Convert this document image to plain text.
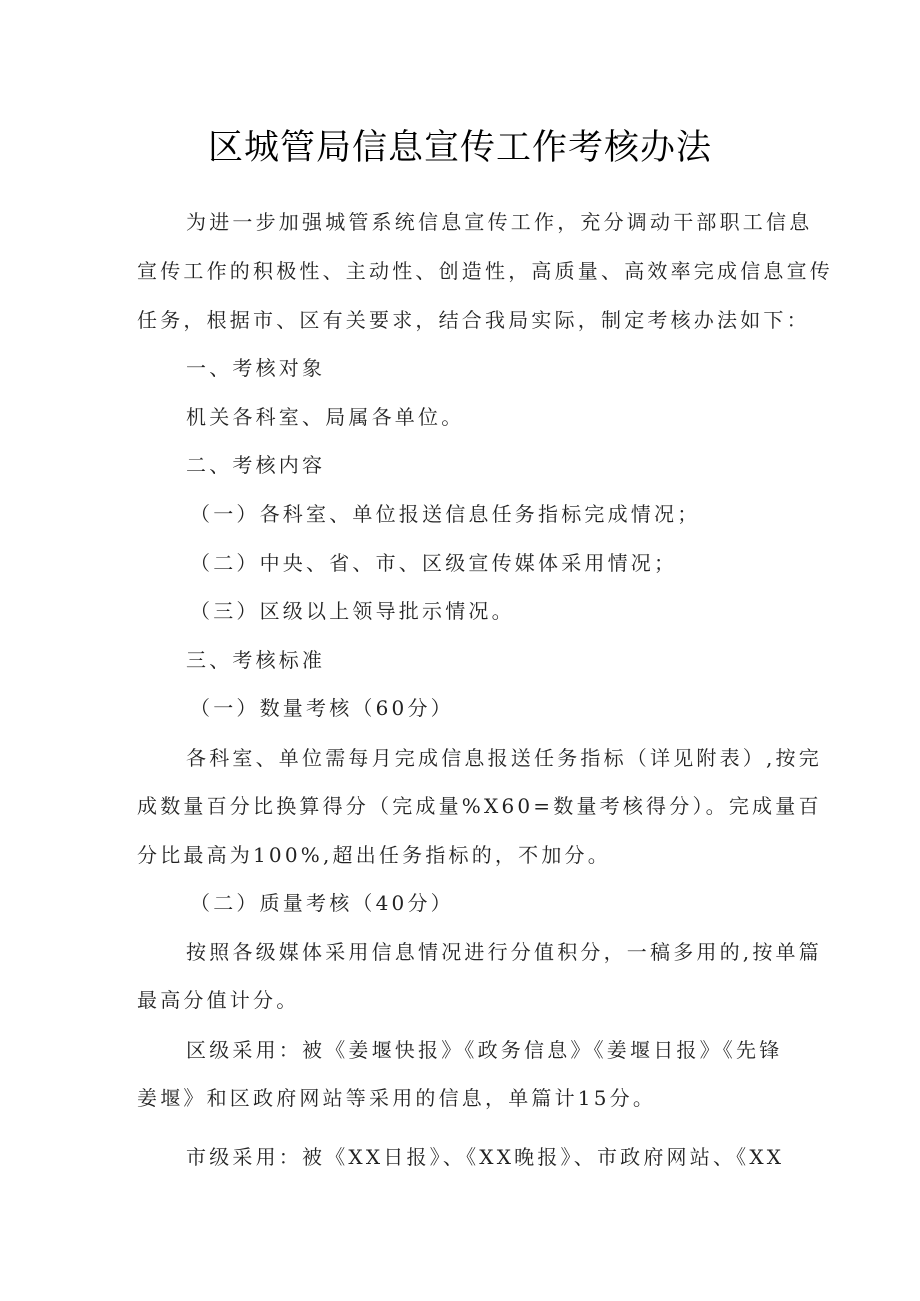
区城管局信息宣传工作考核办法
为进一步加强城管系统信息宣传工作，充分调动干部职工信息
宣传工作的积极性、主动性、创造性，高质量、高效率完成信息宣传
任务，根据市、区有关要求，结合我局实际，制定考核办法如下：
一、考核对象
机关各科室、局属各单位。
二、考核内容
（一）各科室、单位报送信息任务指标完成情况；
（二）中央、省、市、区级宣传媒体采用情况；
（三）区级以上领导批示情况。
三、考核标准
（一）数量考核（60分）
各科室、单位需每月完成信息报送任务指标（详见附表）,按完
成数量百分比换算得分（完成量%X60=数量考核得分）。完成量百
分比最高为100%,超出任务指标的，不加分。
（二）质量考核（40分）
按照各级媒体采用信息情况进行分值积分，一稿多用的,按单篇
最高分值计分。
区级采用：被《姜堰快报》《政务信息》《姜堰日报》《先锋
姜堰》和区政府网站等采用的信息，单篇计15分。
市级采用：被《XX日报》、《XX晚报》、市政府网站、《XX
